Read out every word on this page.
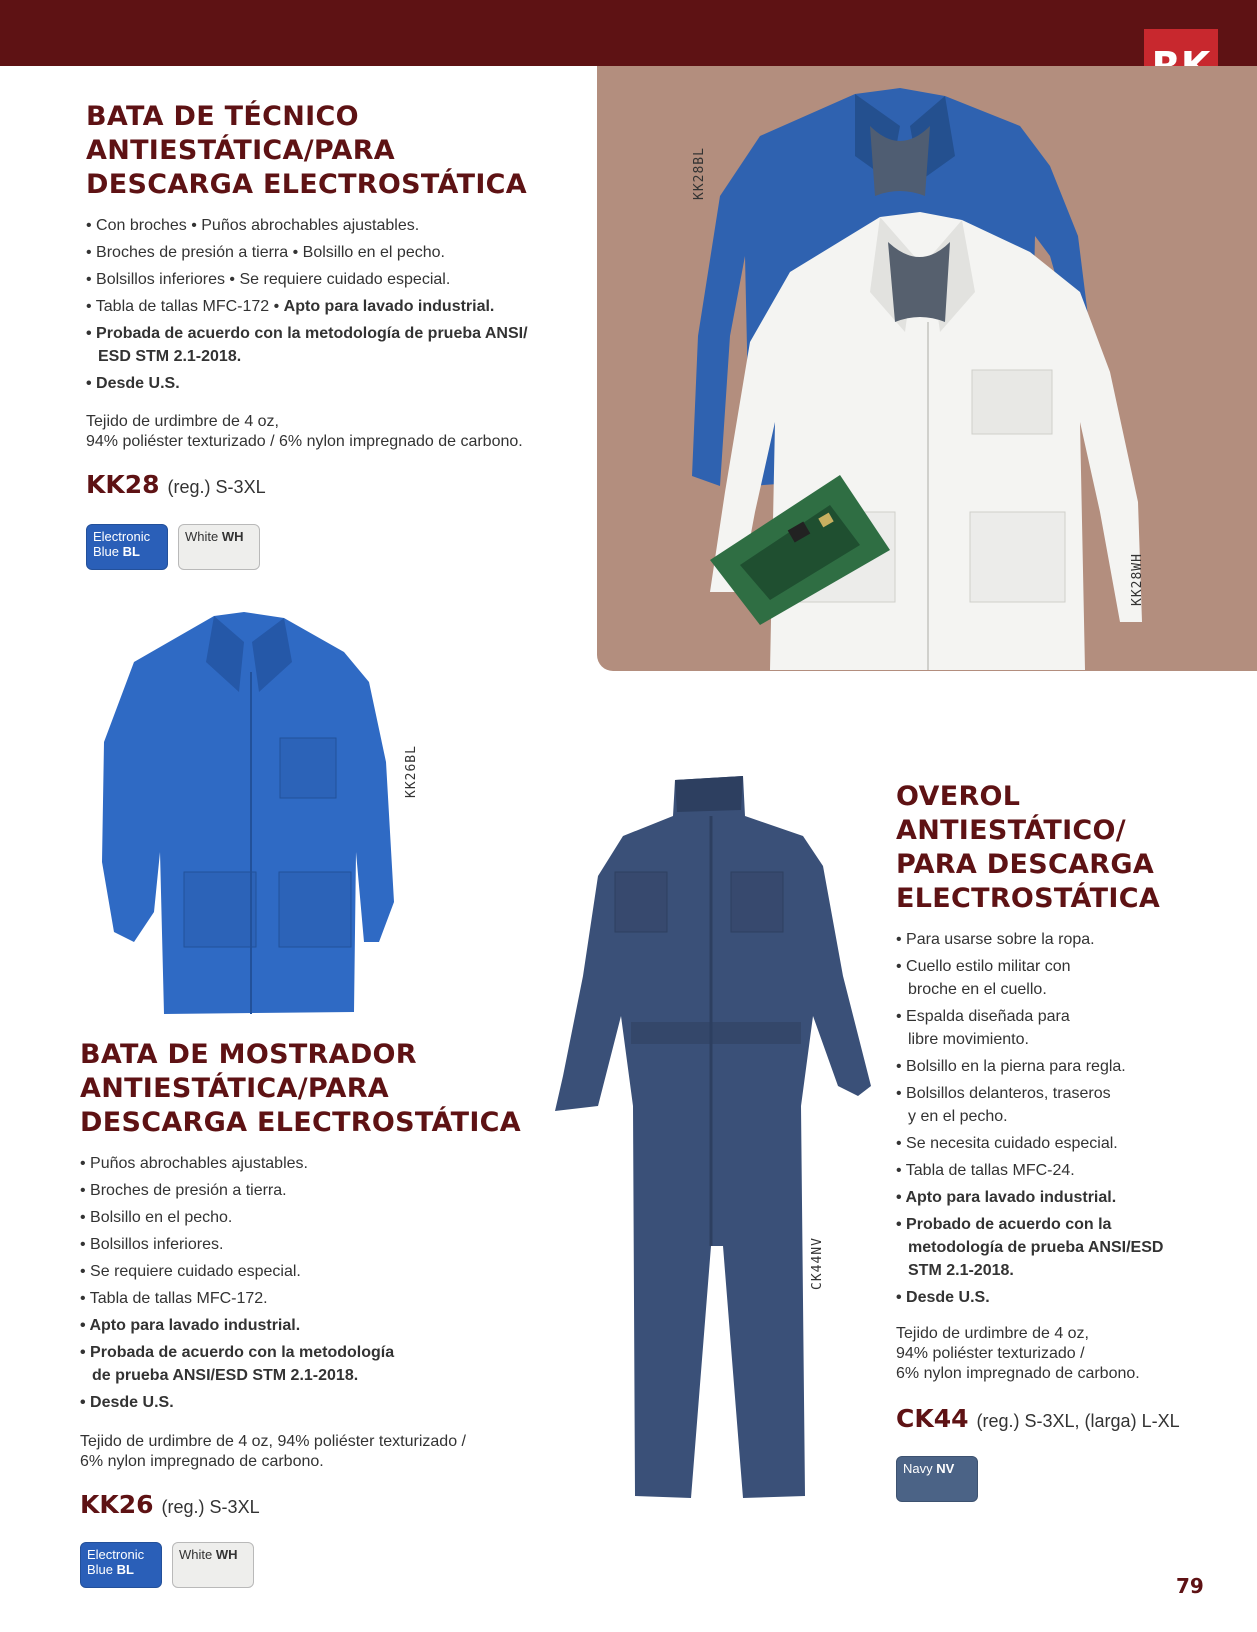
KK28BL
KK28WH
BATA DE TÉCNICO
ANTIESTÁTICA/PARA
DESCARGA ELECTROSTÁTICA
• Con broches • Puños abrochables ajustables.
• Broches de presión a tierra • Bolsillo en el pecho.
• Bolsillos inferiores • Se requiere cuidado especial.
• Tabla de tallas MFC-172 • Apto para lavado industrial.
• Probada de acuerdo con la metodología de prueba ANSI/ ESD STM 2.1-2018.
• Desde U.S.
Tejido de urdimbre de 4 oz,
94% poliéster texturizado / 6% nylon impregnado de carbono.
KK28 (reg.) S-3XL
Electronic
Blue BL
White WH
KK26BL
BATA DE MOSTRADOR
ANTIESTÁTICA/PARA
DESCARGA ELECTROSTÁTICA
• Puños abrochables ajustables.
• Broches de presión a tierra.
• Bolsillo en el pecho.
• Bolsillos inferiores.
• Se requiere cuidado especial.
• Tabla de tallas MFC-172.
• Apto para lavado industrial.
• Probada de acuerdo con la metodología de prueba ANSI/ESD STM 2.1-2018.
• Desde U.S.
Tejido de urdimbre de 4 oz, 94% poliéster texturizado /
6% nylon impregnado de carbono.
KK26 (reg.) S-3XL
Electronic
Blue BL
White WH
CK44NV
OVEROL
ANTIESTÁTICO/
PARA DESCARGA
ELECTROSTÁTICA
• Para usarse sobre la ropa.
• Cuello estilo militar con broche en el cuello.
• Espalda diseñada para libre movimiento.
• Bolsillo en la pierna para regla.
• Bolsillos delanteros, traseros y en el pecho.
• Se necesita cuidado especial.
• Tabla de tallas MFC-24.
• Apto para lavado industrial.
• Probado de acuerdo con la metodología de prueba ANSI/ESD STM 2.1-2018.
• Desde U.S.
Tejido de urdimbre de 4 oz,
94% poliéster texturizado /
6% nylon impregnado de carbono.
CK44 (reg.) S-3XL, (larga) L-XL
Navy NV
79
